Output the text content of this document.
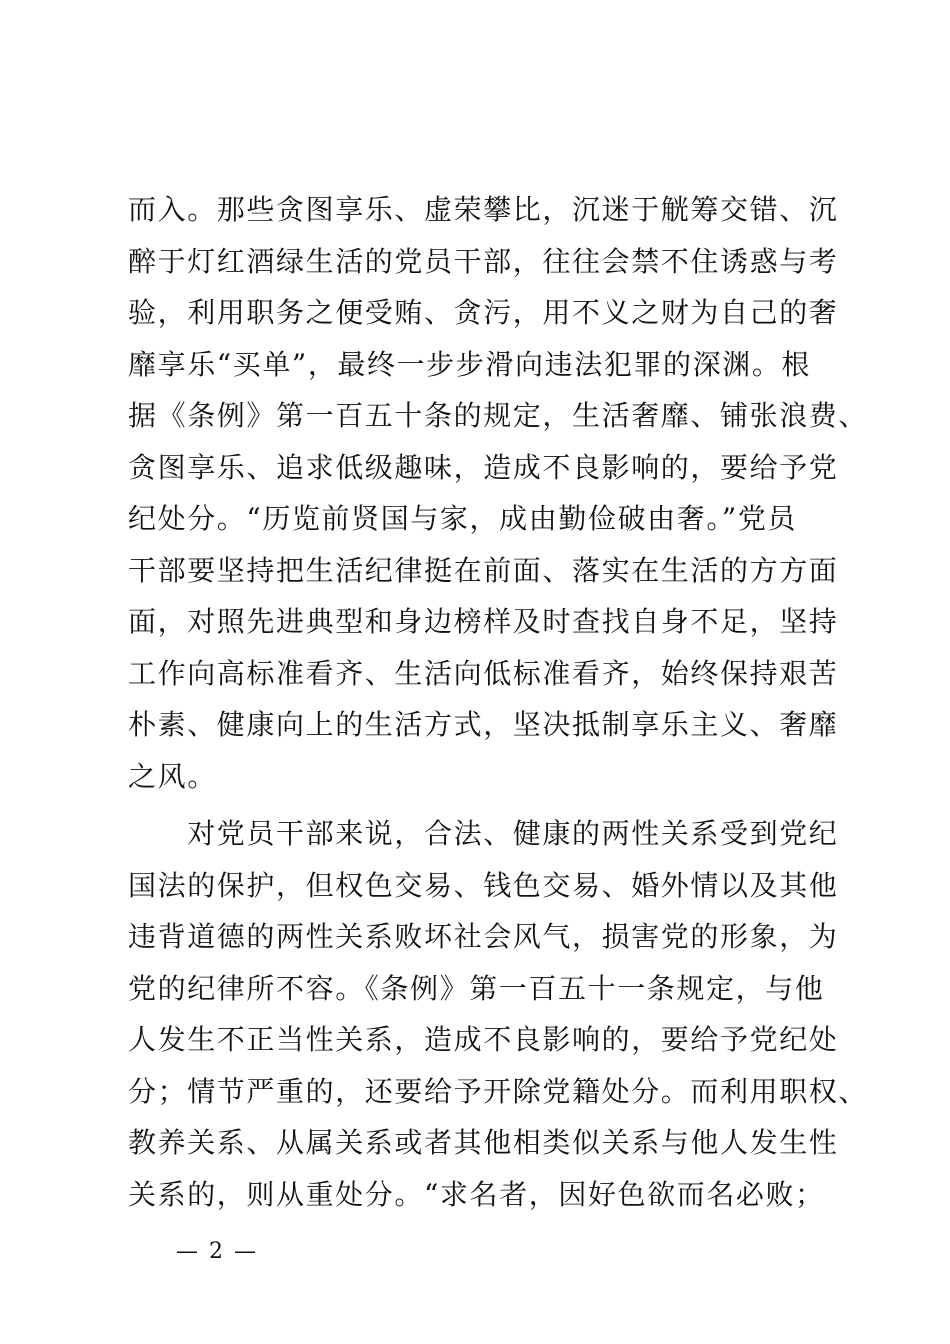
而入。那些贪图享乐、虚荣攀比，沉迷于觥筹交错、沉
醉于灯红酒绿生活的党员干部，往往会禁不住诱惑与考
验，利用职务之便受贿、贪污，用不义之财为自己的奢
靡享乐“买单”，最终一步步滑向违法犯罪的深渊。根
据《条例》第一百五十条的规定，生活奢靡、铺张浪费、
贪图享乐、追求低级趣味，造成不良影响的，要给予党
纪处分。“历览前贤国与家，成由勤俭破由奢。”党员
干部要坚持把生活纪律挺在前面、落实在生活的方方面
面，对照先进典型和身边榜样及时查找自身不足，坚持
工作向高标准看齐、生活向低标准看齐，始终保持艰苦
朴素、健康向上的生活方式，坚决抵制享乐主义、奢靡
之风。
　　对党员干部来说，合法、健康的两性关系受到党纪
国法的保护，但权色交易、钱色交易、婚外情以及其他
违背道德的两性关系败坏社会风气，损害党的形象，为
党的纪律所不容。《条例》第一百五十一条规定，与他
人发生不正当性关系，造成不良影响的，要给予党纪处
分；情节严重的，还要给予开除党籍处分。而利用职权、
教养关系、从属关系或者其他相类似关系与他人发生性
关系的，则从重处分。“求名者，因好色欲而名必败；
— 2 —
